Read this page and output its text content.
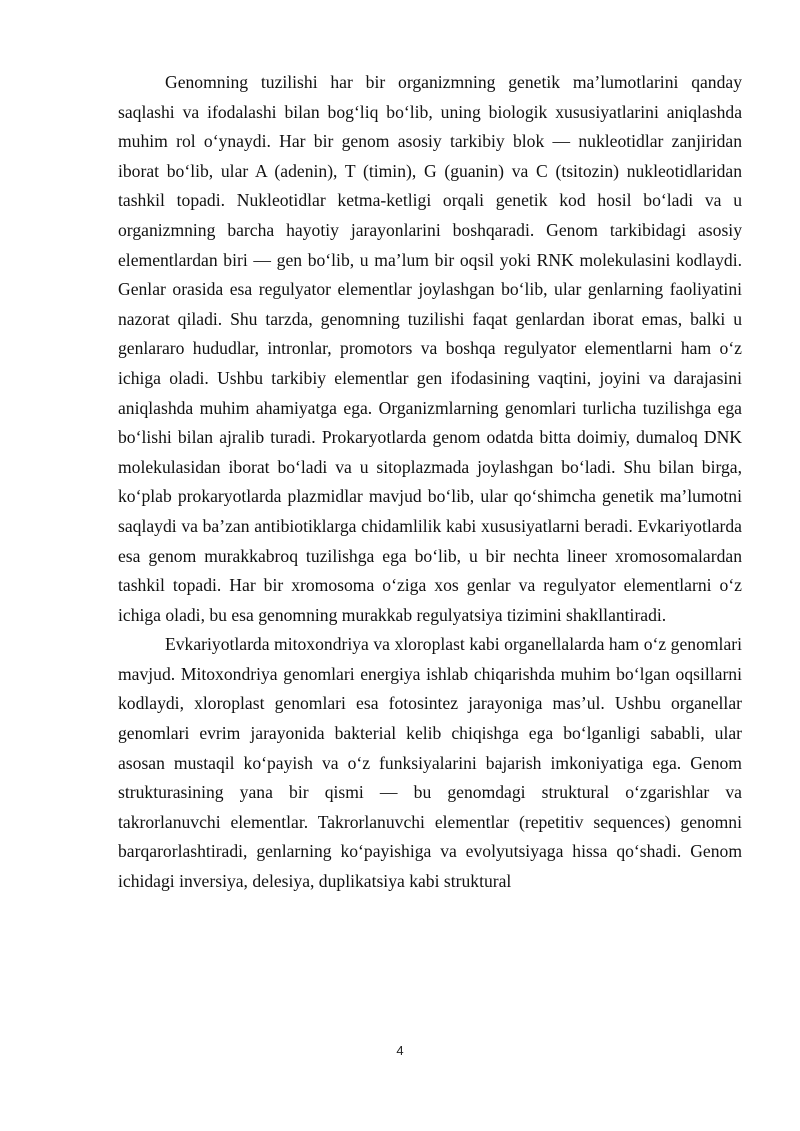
Genomning tuzilishi har bir organizmning genetik ma’lumotlarini qanday saqlashi va ifodalashi bilan bog‘liq bo‘lib, uning biologik xususiyatlarini aniqlashda muhim rol o‘ynaydi. Har bir genom asosiy tarkibiy blok — nukleotidlar zanjiridan iborat bo‘lib, ular A (adenin), T (timin), G (guanin) va C (tsitozin) nukleotidlaridan tashkil topadi. Nukleotidlar ketma-ketligi orqali genetik kod hosil bo‘ladi va u organizmning barcha hayotiy jarayonlarini boshqaradi. Genom tarkibidagi asosiy elementlardan biri — gen bo‘lib, u ma’lum bir oqsil yoki RNK molekulasini kodlaydi. Genlar orasida esa regulyator elementlar joylashgan bo‘lib, ular genlarning faoliyatini nazorat qiladi. Shu tarzda, genomning tuzilishi faqat genlardan iborat emas, balki u genlararo hududlar, intronlar, promotors va boshqa regulyator elementlarni ham o‘z ichiga oladi. Ushbu tarkibiy elementlar gen ifodasining vaqtini, joyini va darajasini aniqlashda muhim ahamiyatga ega. Organizmlarning genomlari turlicha tuzilishga ega bo‘lishi bilan ajralib turadi. Prokaryotlarda genom odatda bitta doimiy, dumaloq DNK molekulasidan iborat bo‘ladi va u sitoplazmada joylashgan bo‘ladi. Shu bilan birga, ko‘plab prokaryotlarda plazmidlar mavjud bo‘lib, ular qo‘shimcha genetik ma’lumotni saqlaydi va ba’zan antibiotiklarga chidamlilik kabi xususiyatlarni beradi. Evkariyotlarda esa genom murakkabroq tuzilishga ega bo‘lib, u bir nechta lineer xromosomalardan tashkil topadi. Har bir xromosoma o‘ziga xos genlar va regulyator elementlarni o‘z ichiga oladi, bu esa genomning murakkab regulyatsiya tizimini shakllantiradi.

Evkariyotlarda mitoxondriya va xloroplast kabi organellalarda ham o‘z genomlari mavjud. Mitoxondriya genomlari energiya ishlab chiqarishda muhim bo‘lgan oqsillarni kodlaydi, xloroplast genomlari esa fotosintez jarayoniga mas’ul. Ushbu organellar genomlari evrim jarayonida bakterial kelib chiqishga ega bo‘lganligi sababli, ular asosan mustaqil ko‘payish va o‘z funksiyalarini bajarish imkoniyatiga ega. Genom strukturasining yana bir qismi — bu genomdagi struktural o‘zgarishlar va takrorlanuvchi elementlar. Takrorlanuvchi elementlar (repetitiv sequences) genomni barqarorlashtiradi, genlarning ko‘payishiga va evolyutsiyaga hissa qo‘shadi. Genom ichidagi inversiya, delesiya, duplikatsiya kabi struktural

4
